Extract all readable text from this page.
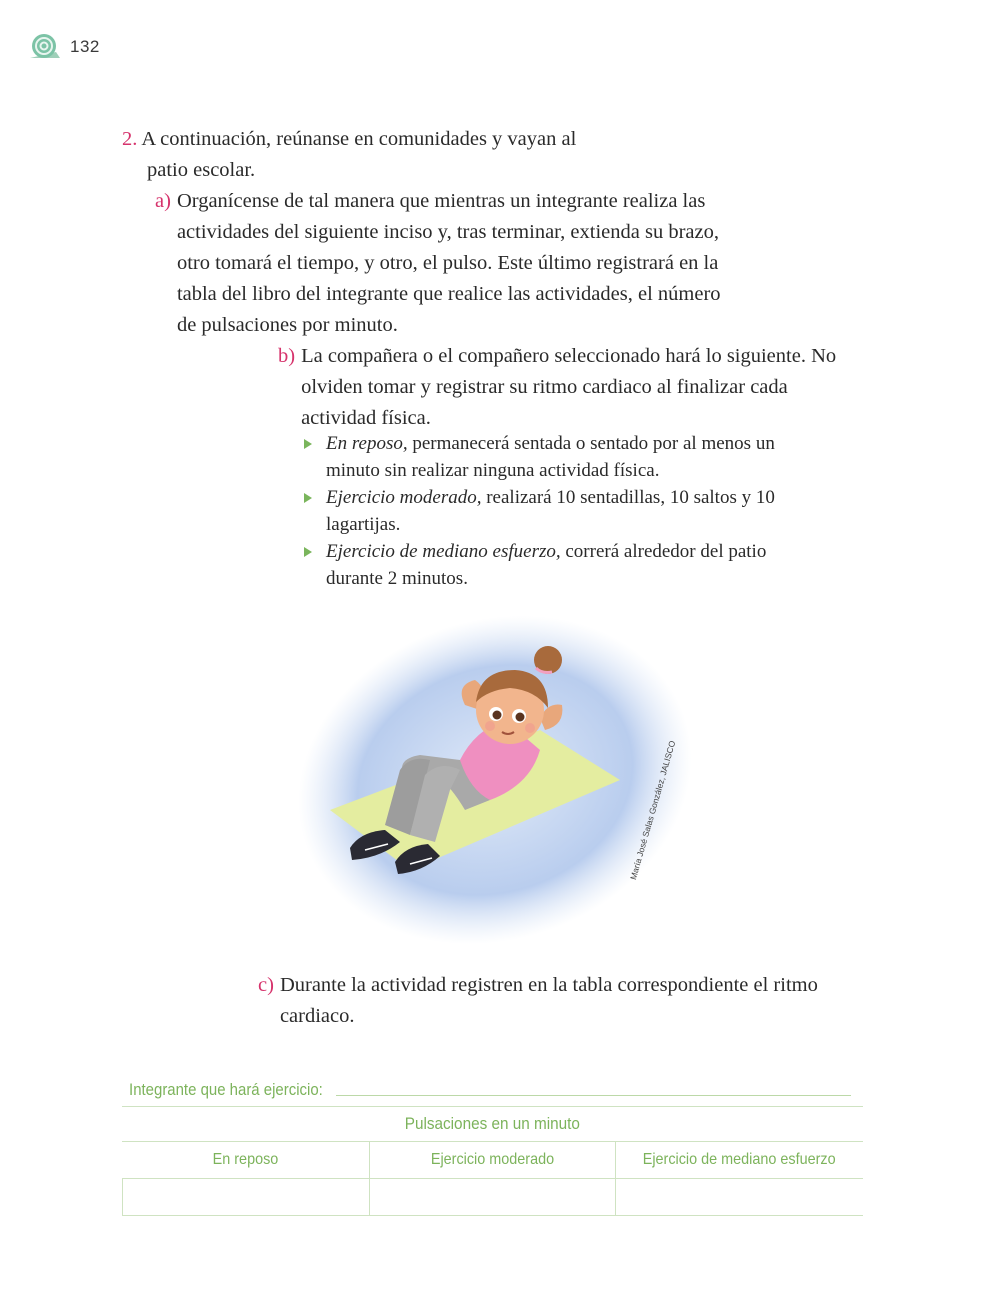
132
2. A continuación, reúnanse en comunidades y vayan al
patio escolar.
a) Organícense de tal manera que mientras un integrante realiza las actividades del siguiente inciso y, tras terminar, extienda su brazo, otro tomará el tiempo, y otro, el pulso. Este último registrará en la tabla del libro del integrante que realice las actividades, el número de pulsaciones por minuto.
b) La compañera o el compañero seleccionado hará lo siguiente. No olviden tomar y registrar su ritmo cardiaco al finalizar cada actividad física.
En reposo, permanecerá sentada o sentado por al menos un minuto sin realizar ninguna actividad física.
Ejercicio moderado, realizará 10 sentadillas, 10 saltos y 10 lagartijas.
Ejercicio de mediano esfuerzo, correrá alrededor del patio durante 2 minutos.
María José Salas González, JALISCO
c) Durante la actividad registren en la tabla correspondiente el ritmo cardiaco.
Integrante que hará ejercicio:
Pulsaciones en un minuto
En reposo	Ejercicio moderado	Ejercicio de mediano esfuerzo
